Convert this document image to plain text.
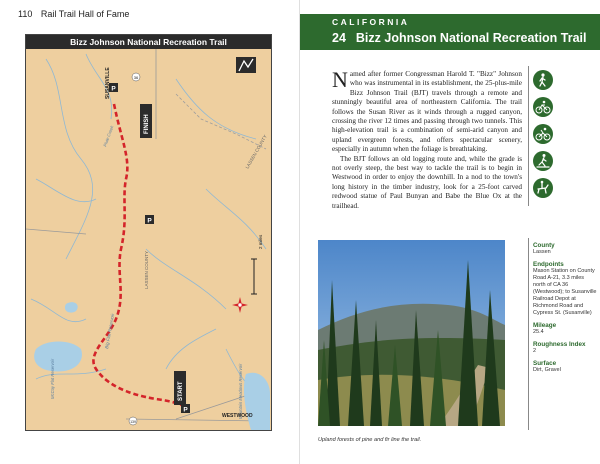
110 Rail Trail Hall of Fame
Bizz Johnson National Recreation Trail
P
FINISH
P
START
P
36
139
SUSANVILLE
LASSEN COUNTY
LASSEN COUNTY
Piute Creek
Big Flat Reservoir
McCoy Flat Reservoir	Mountain Meadows Reservoir
WESTWOOD
2 miles
CALIFORNIA
24 Bizz Johnson National Recreation Trail

Named after former Congressman Harold T. "Bizz" Johnson who was instrumental in its establishment, the 25-plus-mile Bizz Johnson Trail (BJT) travels through a remote and stunningly beautiful area of northeastern California. The trail follows the Susan River as it winds through a rugged canyon, crossing the river 12 times and passing through two tunnels. This high-elevation trail is a combination of semi-arid canyon and upland evergreen forests, and offers spectacular scenery, especially in autumn when the foliage is breathtaking.

The BJT follows an old logging route and, while the grade is not overly steep, the best way to tackle the trail is to begin in Westwood in order to enjoy the downhill. In a nod to the town's long history in the timber industry, look for a 25-foot carved redwood statue of Paul Bunyan and Babe the Blue Ox at the trailhead.

Upland forests of pine and fir line the trail.
County
Lassen
Endpoints
Mason Station on County Road A-21, 3.3 miles north of CA 36 (Westwood); to Susanville Railroad Depot at Richmond Road and Cypress St. (Susanville)
Mileage
25.4
Roughness Index
2
Surface
Dirt, Gravel
